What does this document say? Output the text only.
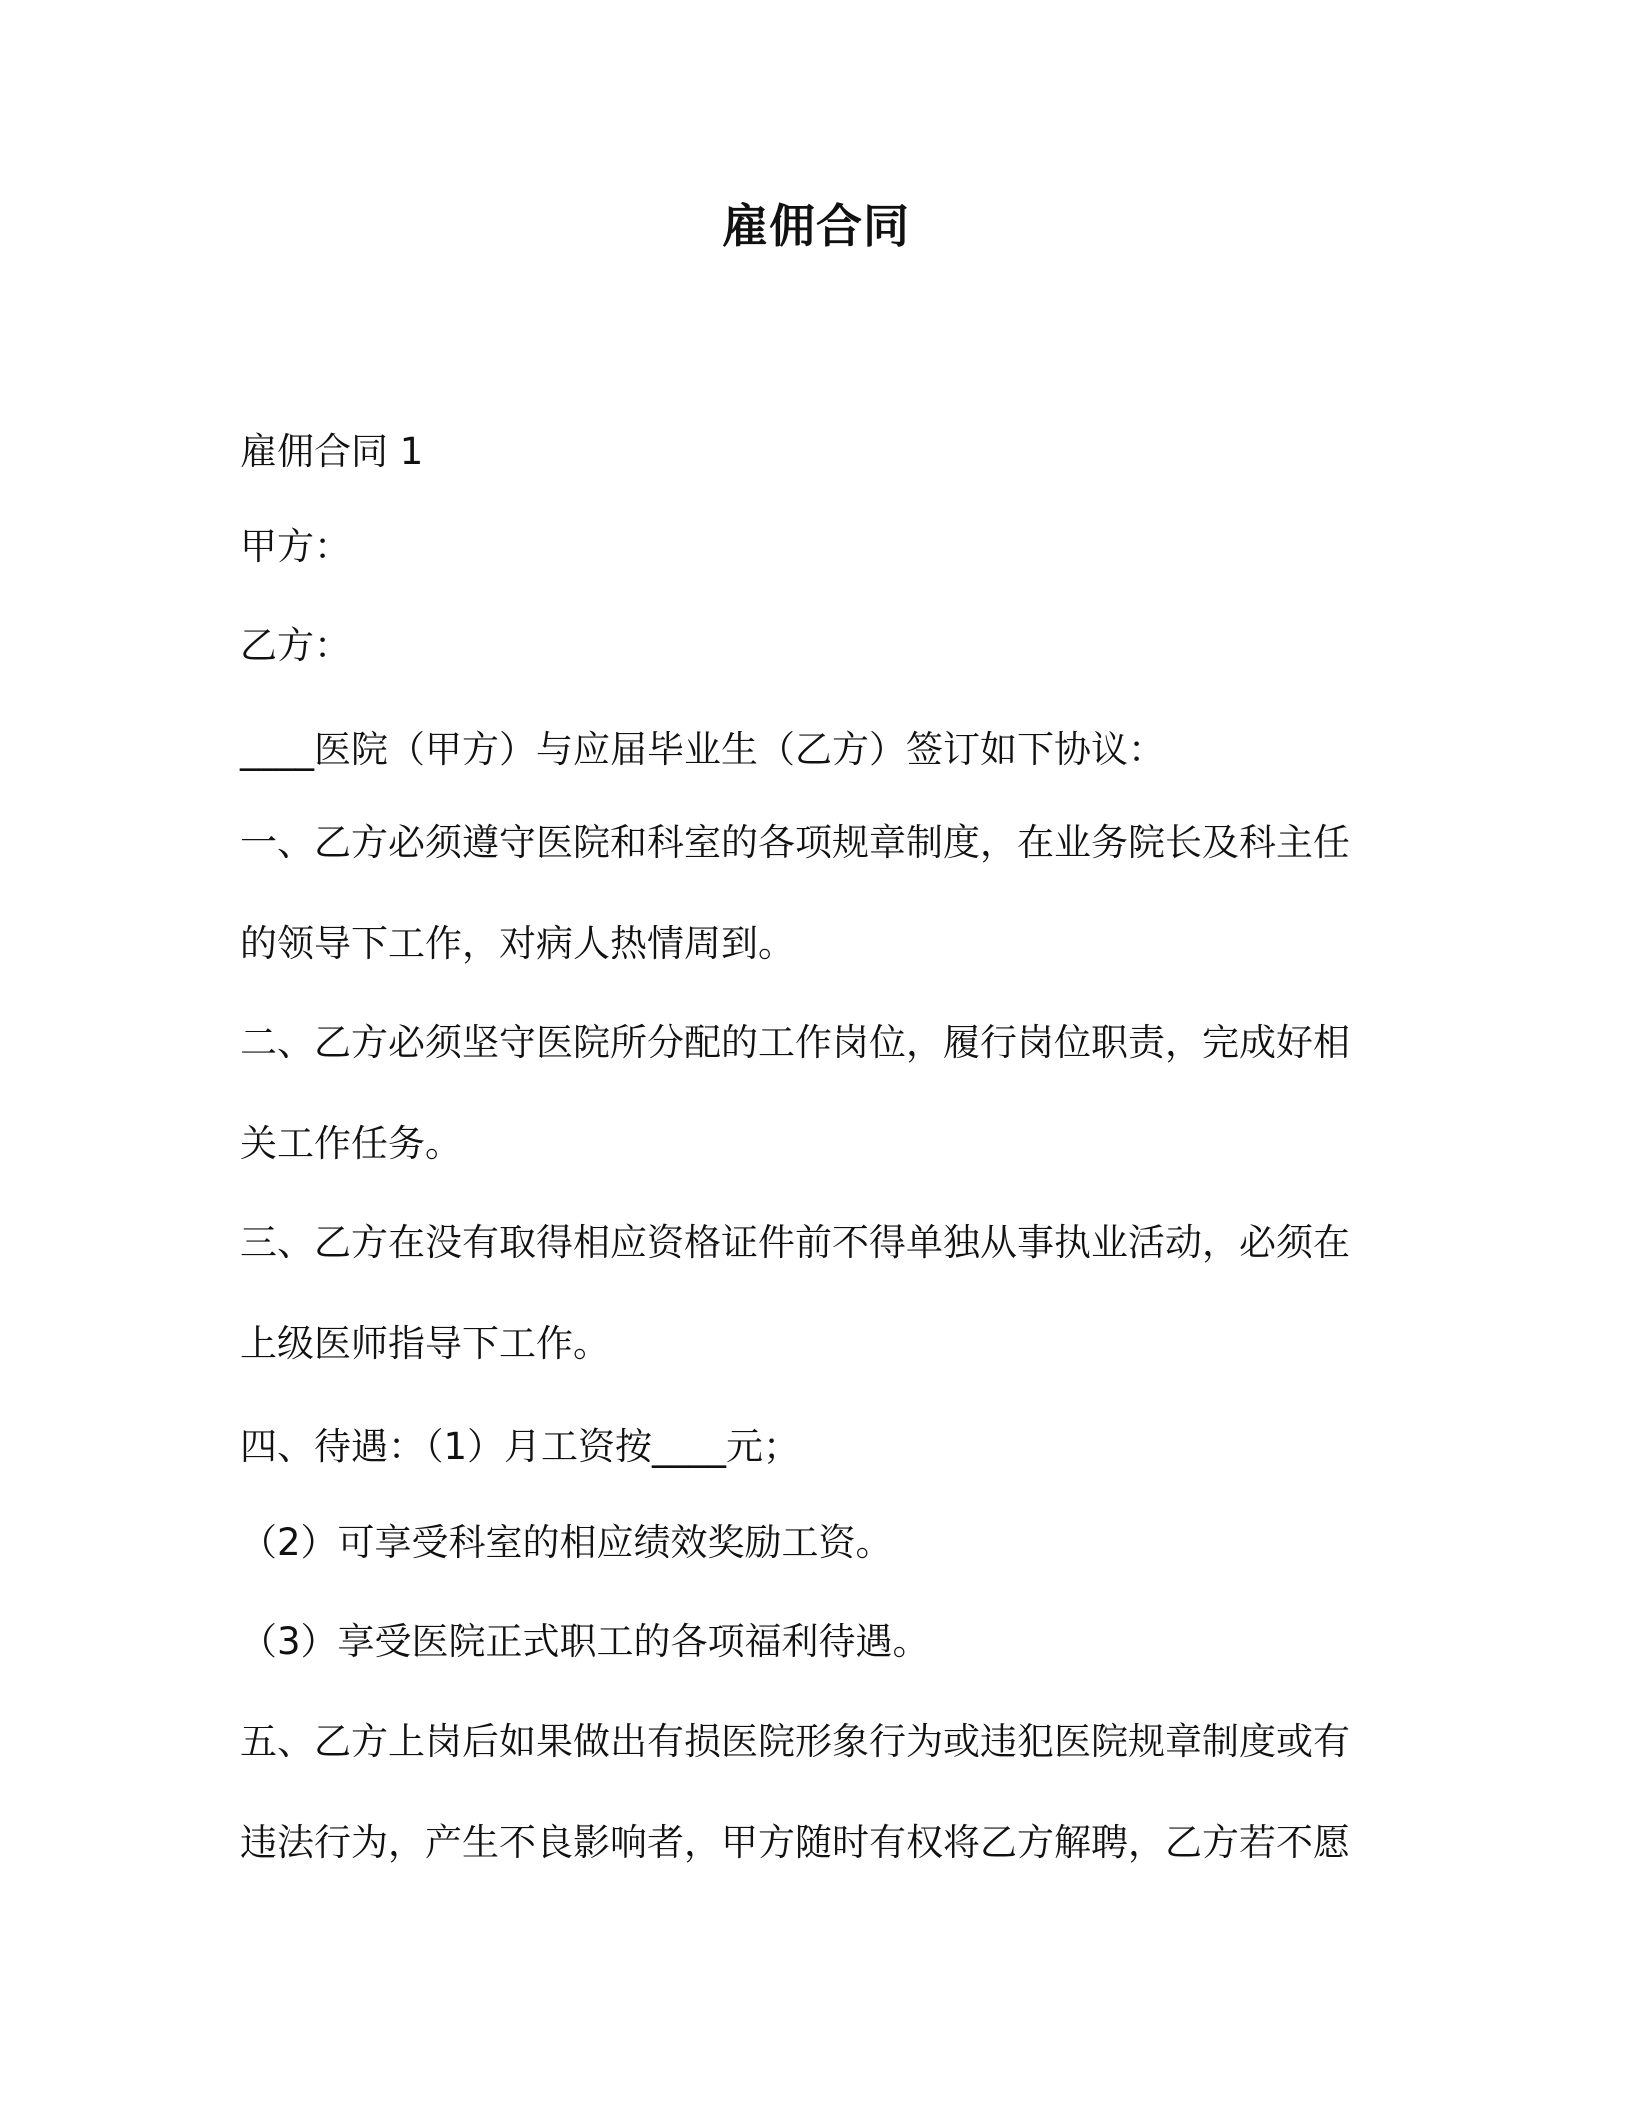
雇佣合同
雇佣合同 1
甲方：
乙方：
____医院（甲方）与应届毕业生（乙方）签订如下协议：
一、乙方必须遵守医院和科室的各项规章制度，在业务院长及科主任
的领导下工作，对病人热情周到。
二、乙方必须坚守医院所分配的工作岗位，履行岗位职责，完成好相
关工作任务。
三、乙方在没有取得相应资格证件前不得单独从事执业活动，必须在
上级医师指导下工作。
四、待遇：（1）月工资按____元；
（2）可享受科室的相应绩效奖励工资。
（3）享受医院正式职工的各项福利待遇。
五、乙方上岗后如果做出有损医院形象行为或违犯医院规章制度或有
违法行为，产生不良影响者，甲方随时有权将乙方解聘，乙方若不愿
